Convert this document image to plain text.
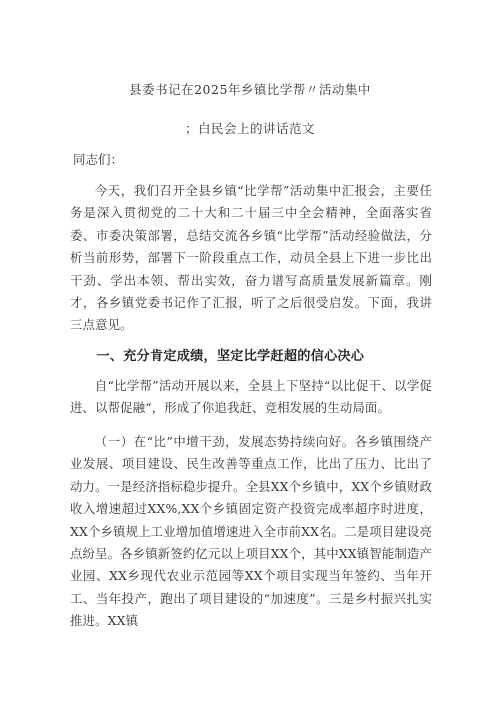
县委书记在2025年乡镇比学帮〃活动集中
；白民会上的讲话范文
同志们：
今天，我们召开全县乡镇“比学帮”活动集中汇报会，主要任务是深入贯彻党的二十大和二十届三中全会精神，全面落实省委、市委决策部署，总结交流各乡镇“比学帮”活动经验做法，分析当前形势，部署下一阶段重点工作，动员全县上下进一步比出干劲、学出本领、帮出实效，奋力谱写高质量发展新篇章。刚才，各乡镇党委书记作了汇报，听了之后很受启发。下面，我讲三点意见。
一、充分肯定成绩，坚定比学赶超的信心决心
自“比学帮”活动开展以来，全县上下坚持“以比促干、以学促进、以帮促融“，形成了你追我赶、竞相发展的生动局面。
（一）在“比”中增干劲，发展态势持续向好。各乡镇围绕产业发展、项目建设、民生改善等重点工作，比出了压力、比出了动力。一是经济指标稳步提升。全县XX个乡镇中，XX个乡镇财政收入增速超过XX%,XX个乡镇固定资产投资完成率超序时进度，XX个乡镇规上工业增加值增速进入全市前XX名。二是项目建设亮点纷呈。各乡镇新签约亿元以上项目XX个，其中XX镇智能制造产业园、XX乡现代农业示范园等XX个项目实现当年签约、当年开工、当年投产，跑出了项目建设的“加速度”。三是乡村振兴扎实推进。XX镇
